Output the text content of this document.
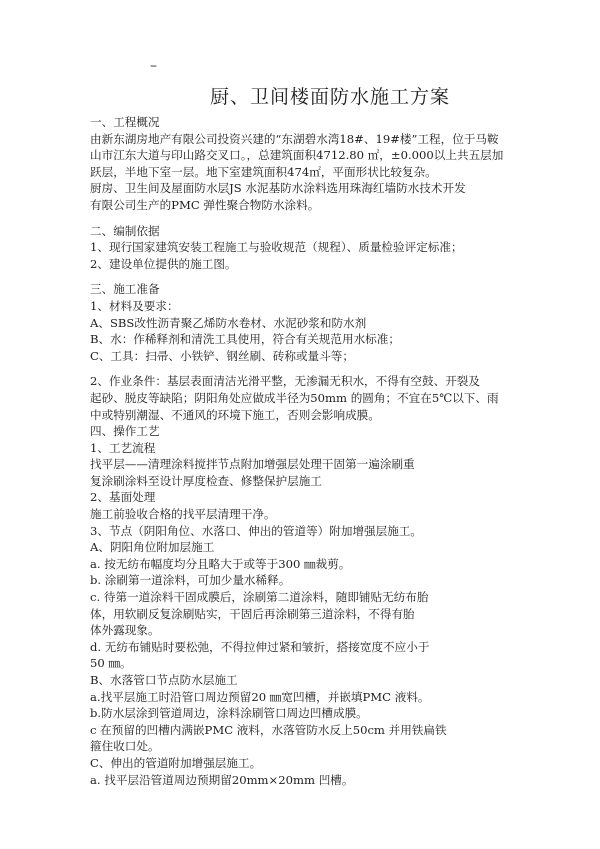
–
厨、卫间楼面防水施工方案
一、工程概况
由新东湖房地产有限公司投资兴建的“东湖碧水湾18#、19#楼”工程，位于马鞍
山市江东大道与印山路交叉口。，总建筑面积4712.80 ㎡，±0.000以上共五层加
跃层，半地下室一层。地下室建筑面积474㎡，平面形状比较复杂。
厨房、卫生间及屋面防水层JS 水泥基防水涂料选用珠海红墙防水技术开发
有限公司生产的PMC 弹性聚合物防水涂料。
二、编制依据
1、现行国家建筑安装工程施工与验收规范（规程）、质量检验评定标准；
2、建设单位提供的施工图。
三、施工准备
1、材料及要求：
A、SBS改性沥青聚乙烯防水卷材、水泥砂浆和防水剂
B、水：作稀释剂和清洗工具使用，符合有关规范用水标准；
C、工具：扫帚、小铁铲、钢丝刷、砖称或量斗等；
2、作业条件：基层表面清洁光滑平整，无渗漏无积水，不得有空鼓、开裂及
起砂、脱皮等缺陷；阴阳角处应做成半径为50mm 的圆角；不宜在5℃以下、雨
中或特别潮湿、不通风的环境下施工，否则会影响成膜。
四、操作工艺
1、工艺流程
找平层——清理涂料搅拌节点附加增强层处理干固第一遍涂刷重
复涂刷涂料至设计厚度检查、修整保护层施工
2、基面处理
施工前验收合格的找平层清理干净。
3、节点（阴阳角位、水落口、伸出的管道等）附加增强层施工。
A、阴阳角位附加层施工
a. 按无纺布幅度均分且略大于或等于300 ㎜裁剪。
b. 涂刷第一道涂料，可加少量水稀释。
c. 待第一道涂料干固成膜后，涂刷第二道涂料，随即铺贴无纺布胎
体，用软刷反复涂刷贴实，干固后再涂刷第三道涂料，不得有胎
体外露现象。
d. 无纺布铺贴时要松弛，不得拉伸过紧和皱折，搭接宽度不应小于
50 ㎜。
B、水落管口节点防水层施工
a.找平层施工时沿管口周边预留20 ㎜宽凹槽，并嵌填PMC 液料。
b.防水层涂到管道周边，涂料涂刷管口周边凹槽成膜。
c 在预留的凹槽内满嵌PMC 液料，水落管防水反上50cm 并用铁扁铁
箍住收口处。
C、伸出的管道附加增强层施工。
a. 找平层沿管道周边预期留20mm×20mm 凹槽。
